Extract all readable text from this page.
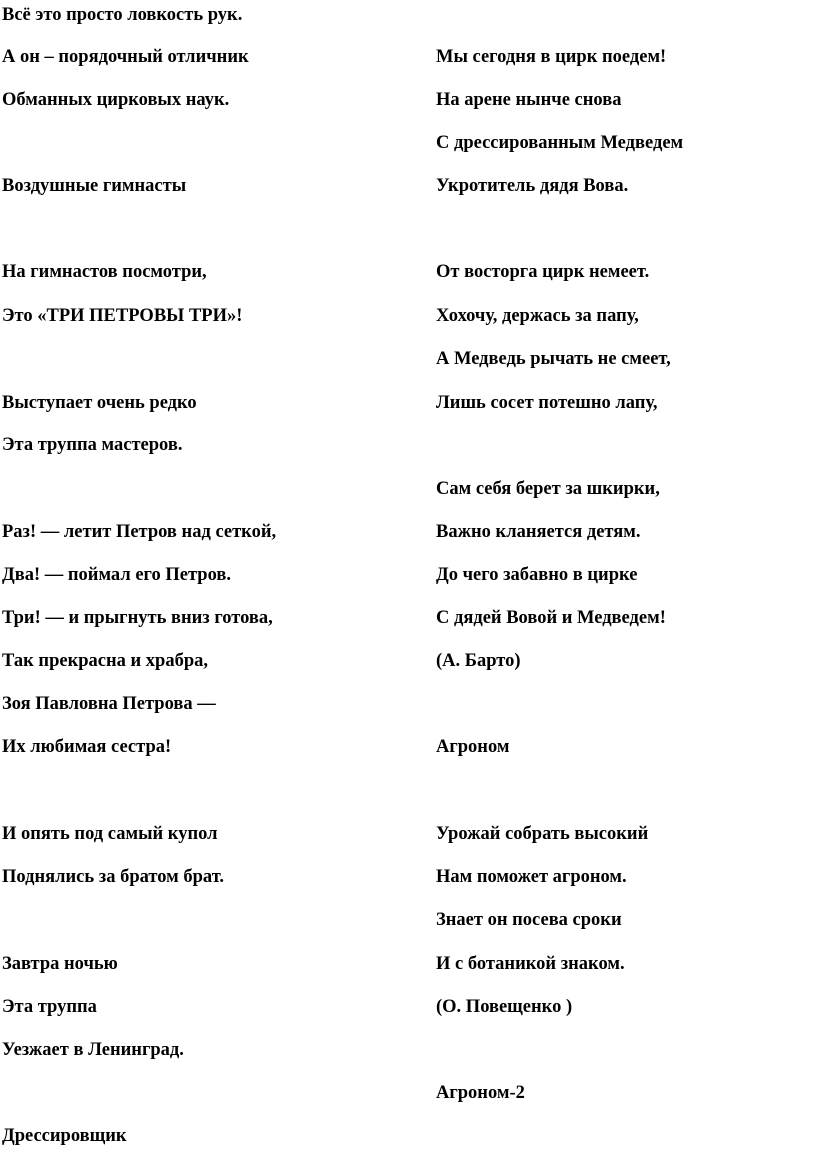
Всё это просто ловкость рук.
А он – порядочный отличник
Обманных цирковых наук.
Воздушные гимнасты
На гимнастов посмотри,
Это «ТРИ ПЕТРОВЫ ТРИ»!
Выступает очень редко
Эта труппа мастеров.
Раз! — летит Петров над сеткой,
Два! — поймал его Петров.
Три! — и прыгнуть вниз готова,
Так прекрасна и храбра,
Зоя Павловна Петрова —
Их любимая сестра!
И опять под самый купол
Поднялись за братом брат.
Завтра ночью
Эта труппа
Уезжает в Ленинград.
Дрессировщик
Мы сегодня в цирк поедем!
На арене нынче снова
С дрессированным Медведем
Укротитель дядя Вова.
От восторга цирк немеет.
Хохочу, держась за папу,
А Медведь рычать не смеет,
Лишь сосет потешно лапу,
Сам себя берет за шкирки,
Важно кланяется детям.
До чего забавно в цирке
С дядей Вовой и Медведем!
(А. Барто)
Агроном
Урожай собрать высокий
Нам поможет агроном.
Знает он посева сроки
И с ботаникой знаком.
(О. Повещенко )
Агроном-2
